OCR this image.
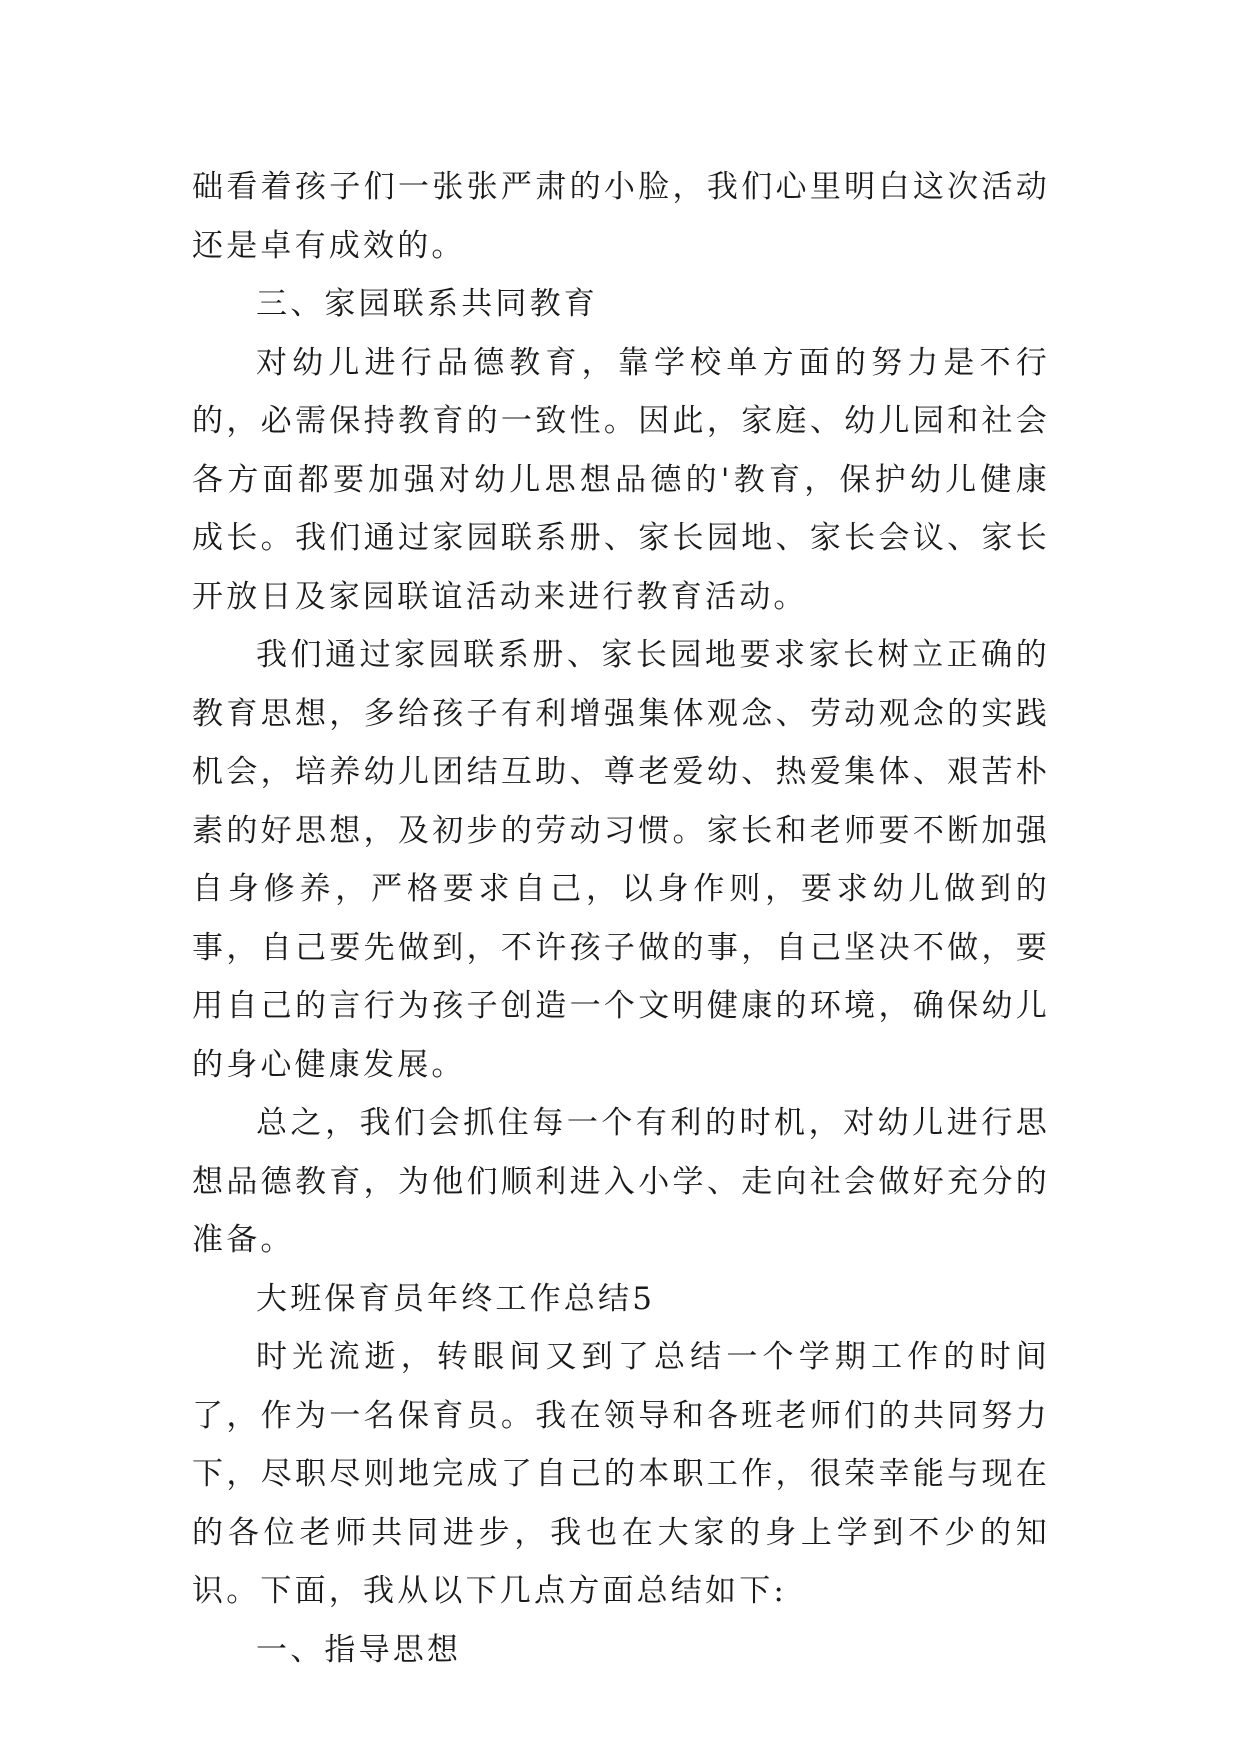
础看着孩子们一张张严肃的小脸，我们心里明白这次活动还是卓有成效的。

三、家园联系共同教育

对幼儿进行品德教育，靠学校单方面的努力是不行的，必需保持教育的一致性。因此，家庭、幼儿园和社会各方面都要加强对幼儿思想品德的'教育，保护幼儿健康成长。我们通过家园联系册、家长园地、家长会议、家长开放日及家园联谊活动来进行教育活动。

我们通过家园联系册、家长园地要求家长树立正确的教育思想，多给孩子有利增强集体观念、劳动观念的实践机会，培养幼儿团结互助、尊老爱幼、热爱集体、艰苦朴素的好思想，及初步的劳动习惯。家长和老师要不断加强自身修养，严格要求自己，以身作则，要求幼儿做到的事，自己要先做到，不许孩子做的事，自己坚决不做，要用自己的言行为孩子创造一个文明健康的环境，确保幼儿的身心健康发展。

总之，我们会抓住每一个有利的时机，对幼儿进行思想品德教育，为他们顺利进入小学、走向社会做好充分的准备。

大班保育员年终工作总结5

时光流逝，转眼间又到了总结一个学期工作的时间了，作为一名保育员。我在领导和各班老师们的共同努力下，尽职尽则地完成了自己的本职工作，很荣幸能与现在的各位老师共同进步，我也在大家的身上学到不少的知识。下面，我从以下几点方面总结如下:

一、指导思想
